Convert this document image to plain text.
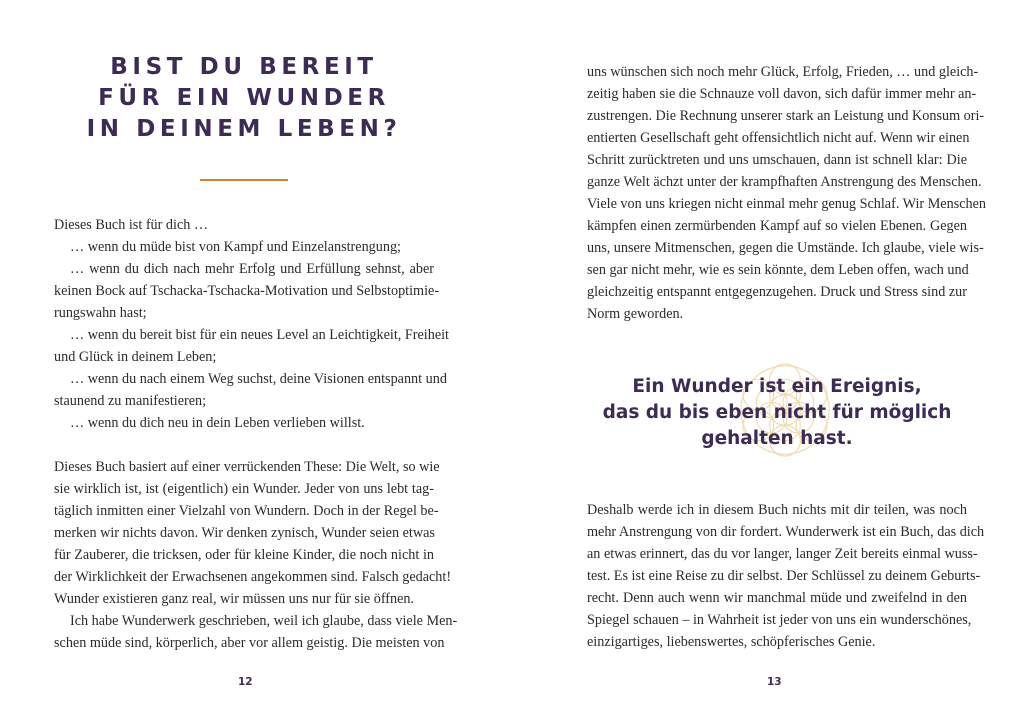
BIST DU BEREIT
FÜR EIN WUNDER
IN DEINEM LEBEN?
Dieses Buch ist für dich …
… wenn du müde bist von Kampf und Einzelanstrengung;
… wenn du dich nach mehr Erfolg und Erfüllung sehnst, aber
keinen Bock auf Tschacka-Tschacka-Motivation und Selbstoptimie-
rungswahn hast;
… wenn du bereit bist für ein neues Level an Leichtigkeit, Freiheit
und Glück in deinem Leben;
… wenn du nach einem Weg suchst, deine Visionen entspannt und
staunend zu manifestieren;
… wenn du dich neu in dein Leben verlieben willst.
Dieses Buch basiert auf einer verrückenden These: Die Welt, so wie
sie wirklich ist, ist (eigentlich) ein Wunder. Jeder von uns lebt tag-
täglich inmitten einer Vielzahl von Wundern. Doch in der Regel be-
merken wir nichts davon. Wir denken zynisch, Wunder seien etwas
für Zauberer, die tricksen, oder für kleine Kinder, die noch nicht in
der Wirklichkeit der Erwachsenen angekommen sind. Falsch gedacht!
Wunder existieren ganz real, wir müssen uns nur für sie öffnen.
Ich habe Wunderwerk geschrieben, weil ich glaube, dass viele Men-
schen müde sind, körperlich, aber vor allem geistig. Die meisten von
12
uns wünschen sich noch mehr Glück, Erfolg, Frieden, … und gleich-
zeitig haben sie die Schnauze voll davon, sich dafür immer mehr an-
zustrengen. Die Rechnung unserer stark an Leistung und Konsum ori-
entierten Gesellschaft geht offensichtlich nicht auf. Wenn wir einen
Schritt zurücktreten und uns umschauen, dann ist schnell klar: Die
ganze Welt ächzt unter der krampfhaften Anstrengung des Menschen.
Viele von uns kriegen nicht einmal mehr genug Schlaf. Wir Menschen
kämpfen einen zermürbenden Kampf auf so vielen Ebenen. Gegen
uns, unsere Mitmenschen, gegen die Umstände. Ich glaube, viele wis-
sen gar nicht mehr, wie es sein könnte, dem Leben offen, wach und
gleichzeitig entspannt entgegenzugehen. Druck und Stress sind zur
Norm geworden.
Ein Wunder ist ein Ereignis,
das du bis eben nicht für möglich
gehalten hast.
Deshalb werde ich in diesem Buch nichts mit dir teilen, was noch
mehr Anstrengung von dir fordert. Wunderwerk ist ein Buch, das dich
an etwas erinnert, das du vor langer, langer Zeit bereits einmal wuss-
test. Es ist eine Reise zu dir selbst. Der Schlüssel zu deinem Geburts-
recht. Denn auch wenn wir manchmal müde und zweifelnd in den
Spiegel schauen – in Wahrheit ist jeder von uns ein wunderschönes,
einzigartiges, liebenswertes, schöpferisches Genie.
13
